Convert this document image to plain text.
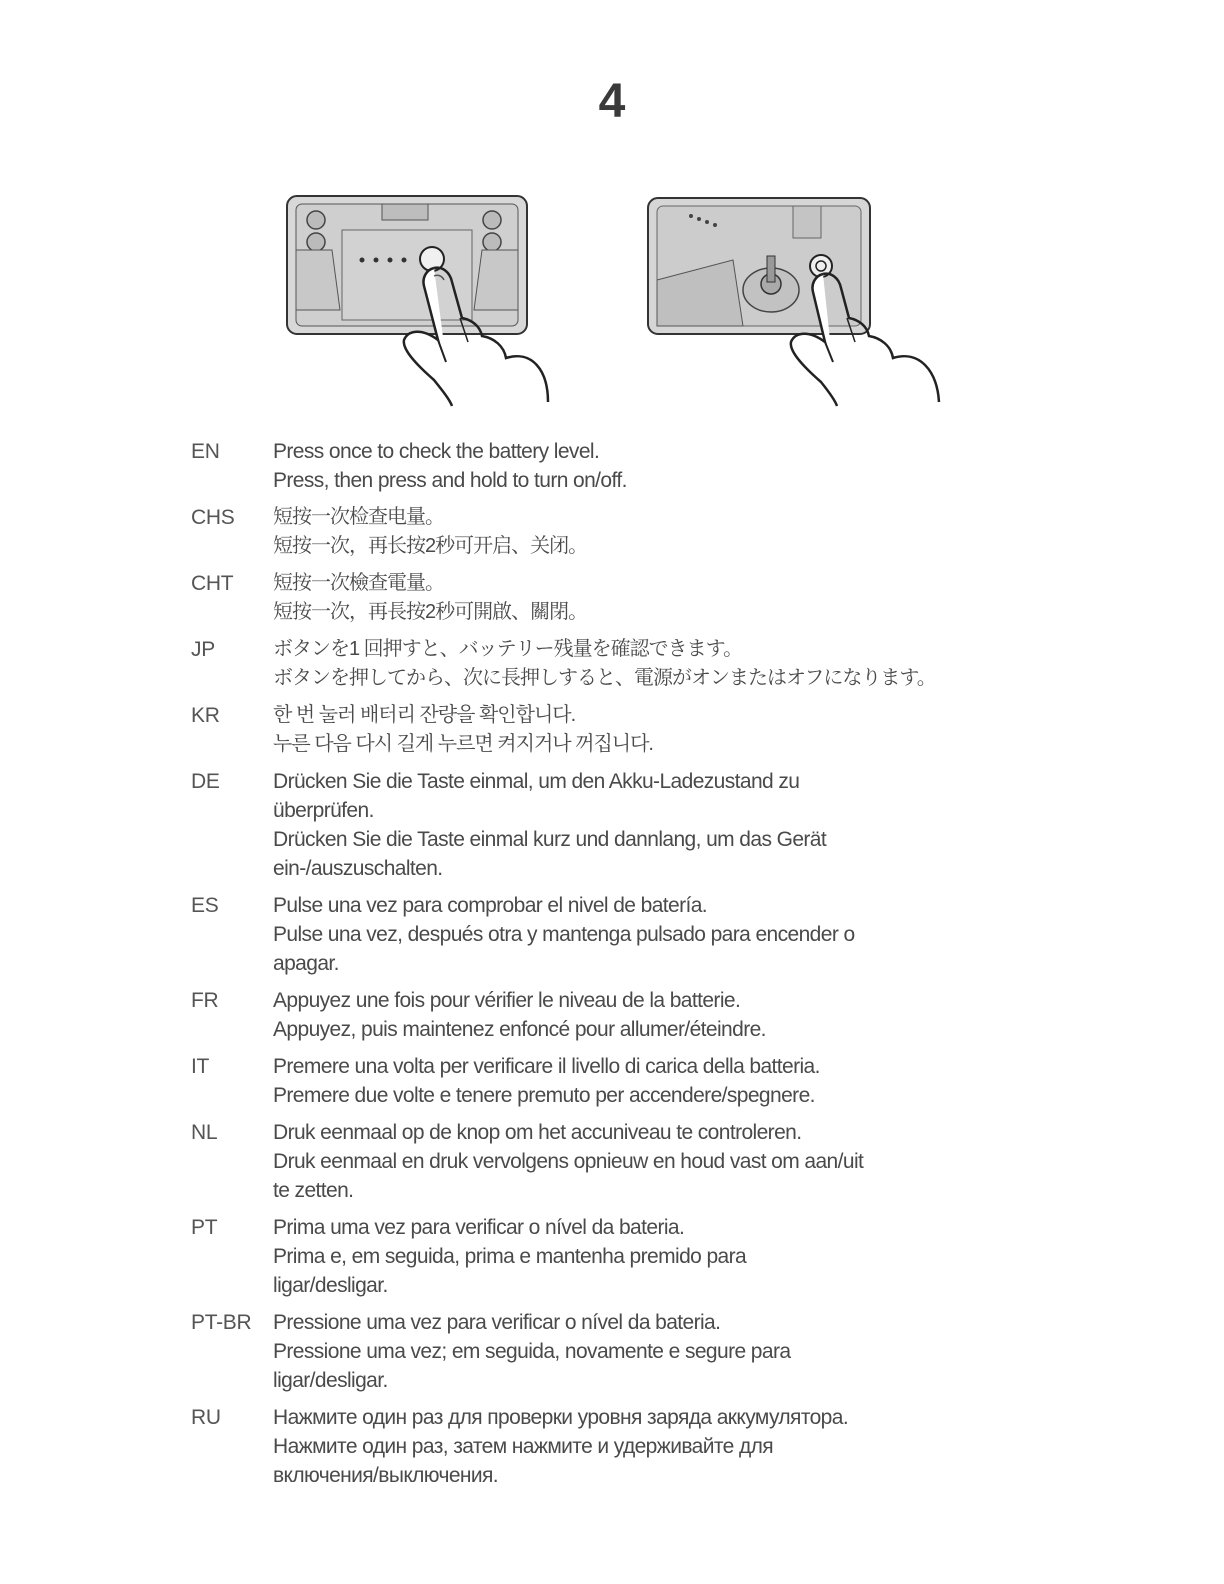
4
EN	Press once to check the battery level.
Press, then press and hold to turn on/off.
CHS	短按一次检查电量。
短按一次，再长按2秒可开启、关闭。
CHT	短按一次檢查電量。
短按一次，再長按2秒可開啟、關閉。
JP	ボタンを1 回押すと、バッテリー残量を確認できます。
ボタンを押してから、次に長押しすると、電源がオンまたはオフになります。
KR	한 번 눌러 배터리 잔량을 확인합니다.
누른 다음 다시 길게 누르면 켜지거나 꺼집니다.
DE	Drücken Sie die Taste einmal, um den Akku-Ladezustand zu
überprüfen.
Drücken Sie die Taste einmal kurz und dannlang, um das Gerät
ein-/auszuschalten.
ES	Pulse una vez para comprobar el nivel de batería.
Pulse una vez, después otra y mantenga pulsado para encender o
apagar.
FR	Appuyez une fois pour vérifier le niveau de la batterie.
Appuyez, puis maintenez enfoncé pour allumer/éteindre.
IT	Premere una volta per verificare il livello di carica della batteria.
Premere due volte e tenere premuto per accendere/spegnere.
NL	Druk eenmaal op de knop om het accuniveau te controleren.
Druk eenmaal en druk vervolgens opnieuw en houd vast om aan/uit
te zetten.
PT	Prima uma vez para verificar o nível da bateria.
Prima e, em seguida, prima e mantenha premido para
ligar/desligar.
PT-BR	Pressione uma vez para verificar o nível da bateria.
Pressione uma vez; em seguida, novamente e segure para
ligar/desligar.
RU	Нажмите один раз для проверки уровня заряда аккумулятора.
Нажмите один раз, затем нажмите и удерживайте для
включения/выключения.
